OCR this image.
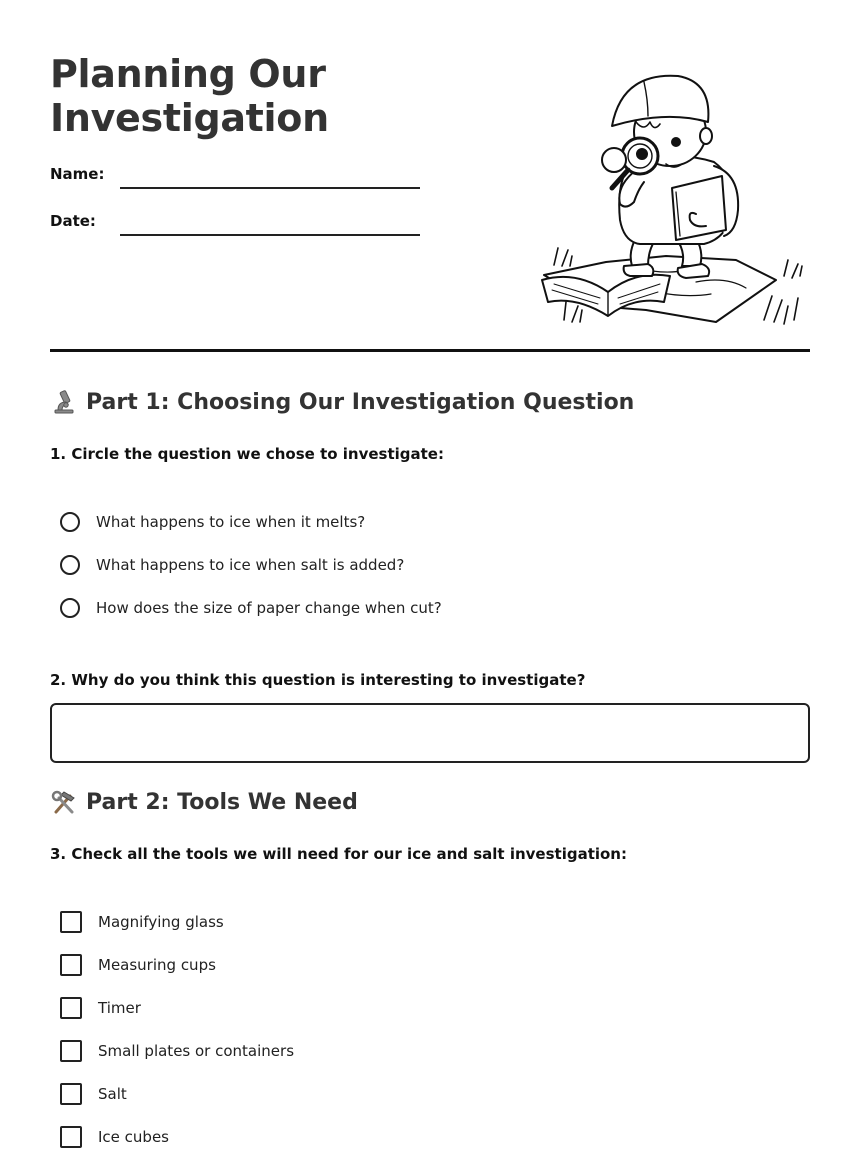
Planning Our Investigation
Name:
Date:
Part 1: Choosing Our Investigation Question
1. Circle the question we chose to investigate:
What happens to ice when it melts?
What happens to ice when salt is added?
How does the size of paper change when cut?
2. Why do you think this question is interesting to investigate?
Part 2: Tools We Need
3. Check all the tools we will need for our ice and salt investigation:
Magnifying glass
Measuring cups
Timer
Small plates or containers
Salt
Ice cubes
